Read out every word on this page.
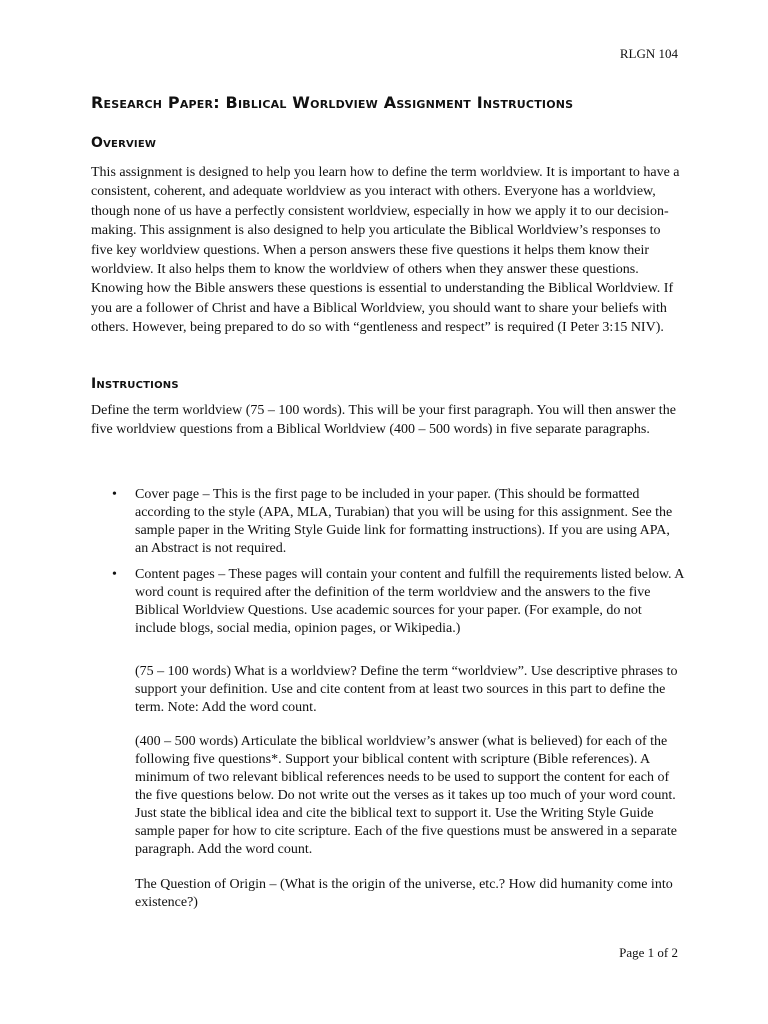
RLGN 104
Research Paper: Biblical Worldview Assignment Instructions
Overview

This assignment is designed to help you learn how to define the term worldview. It is important to have a consistent, coherent, and adequate worldview as you interact with others. Everyone has a worldview, though none of us have a perfectly consistent worldview, especially in how we apply it to our decision-making. This assignment is also designed to help you articulate the Biblical Worldview’s responses to five key worldview questions. When a person answers these five questions it helps them know their worldview. It also helps them to know the worldview of others when they answer these questions. Knowing how the Bible answers these questions is essential to understanding the Biblical Worldview. If you are a follower of Christ and have a Biblical Worldview, you should want to share your beliefs with others. However, being prepared to do so with “gentleness and respect” is required (I Peter 3:15 NIV).

Instructions

Define the term worldview (75 – 100 words). This will be your first paragraph. You will then answer the five worldview questions from a Biblical Worldview (400 – 500 words) in five separate paragraphs.

• Cover page – This is the first page to be included in your paper. (This should be formatted according to the style (APA, MLA, Turabian) that you will be using for this assignment. See the sample paper in the Writing Style Guide link for formatting instructions). If you are using APA, an Abstract is not required.
• Content pages – These pages will contain your content and fulfill the requirements listed below. A word count is required after the definition of the term worldview and the answers to the five Biblical Worldview Questions. Use academic sources for your paper. (For example, do not include blogs, social media, opinion pages, or Wikipedia.)

(75 – 100 words) What is a worldview? Define the term “worldview”. Use descriptive phrases to support your definition. Use and cite content from at least two sources in this part to define the term. Note: Add the word count.

(400 – 500 words) Articulate the biblical worldview’s answer (what is believed) for each of the following five questions*. Support your biblical content with scripture (Bible references). A minimum of two relevant biblical references needs to be used to support the content for each of the five questions below. Do not write out the verses as it takes up too much of your word count. Just state the biblical idea and cite the biblical text to support it. Use the Writing Style Guide sample paper for how to cite scripture. Each of the five questions must be answered in a separate paragraph. Add the word count.

The Question of Origin – (What is the origin of the universe, etc.? How did humanity come into existence?)

Page 1 of 2
